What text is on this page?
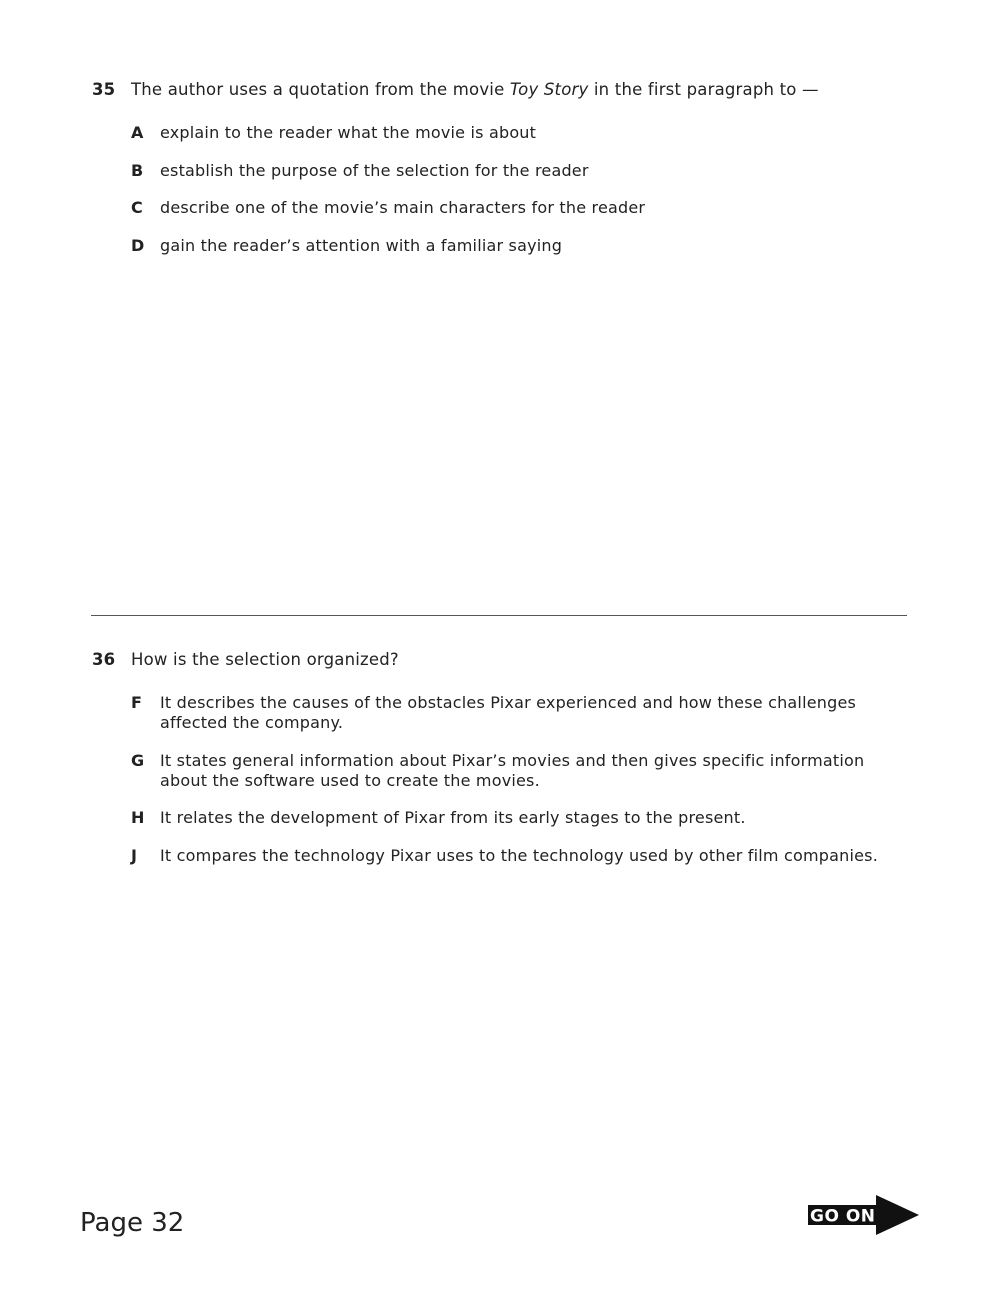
35 The author uses a quotation from the movie Toy Story in the first paragraph to —
A	explain to the reader what the movie is about
B	establish the purpose of the selection for the reader
C	describe one of the movie’s main characters for the reader
D gain the reader’s attention with a familiar saying
36 How is the selection organized?
F	It describes the causes of the obstacles Pixar experienced and how these challenges affected the company.
G It states general information about Pixar’s movies and then gives specific information about the software used to create the movies.
H It relates the development of Pixar from its early stages to the present.
J	It compares the technology Pixar uses to the technology used by other film companies.
Page 32	GO ON
